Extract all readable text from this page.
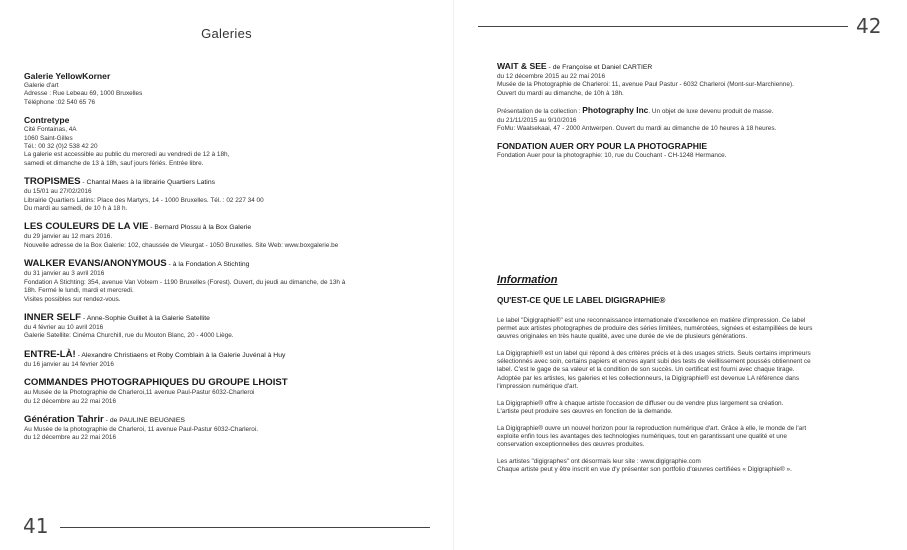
Galeries
Galerie YellowKorner
Galerie d'art
Adresse : Rue Lebeau 69, 1000 Bruxelles
Téléphone :02 540 65 76
Contretype
Cité Fontainas, 4A
1060 Saint-Gilles
Tél.: 00 32 (0)2 538 42 20
La galerie est accessible au public du mercredi au vendredi de 12 à 18h,
samedi et dimanche de 13 à 18h, sauf jours fériés. Entrée libre.
TROPISMES - Chantal Maes à la librairie Quartiers Latins
du 15/01 au 27/02/2016
Librairie Quartiers Latins: Place des Martyrs, 14 - 1000 Bruxelles. Tél. : 02 227 34 00
Du mardi au samedi, de 10 h à 18 h.
LES COULEURS DE LA VIE - Bernard Plossu à la Box Galerie
du 29 janvier au 12 mars 2016.
Nouvelle adresse de la Box Galerie: 102, chaussée de Vleurgat - 1050 Bruxelles. Site Web: www.boxgalerie.be
WALKER EVANS/ANONYMOUS - à la Fondation A Stichting
du 31 janvier au 3 avril 2016
Fondation A Stichting: 354, avenue Van Volxem - 1190 Bruxelles (Forest). Ouvert, du jeudi au dimanche, de 13h à
18h. Fermé le lundi, mardi et mercredi.
Visites possibles sur rendez-vous.
INNER SELF - Anne-Sophie Guillet à la Galerie Satellite
du 4 février au 10 avril 2016
Galerie Satellite: Cinéma Churchill, rue du Mouton Blanc, 20 - 4000 Liège.
ENTRE-LÀ! - Alexandre Christiaens et Roby Comblain à la Galerie Juvénal à Huy
du 16 janvier au 14 février 2016
COMMANDES PHOTOGRAPHIQUES DU GROUPE LHOIST
au Musée de la Photographie de Charleroi,11 avenue Paul-Pastur 6032-Charleroi
du 12 décembre au 22 mai 2016
Génération Tahrir - de PAULINE BEUGNIES
Au Musée de la photographie de Charleroi, 11 avenue Paul-Pastur 6032-Charleroi.
du 12 décembre au 22 mai 2016
41
42
WAIT & SEE - de Françoise et Daniel CARTIER
du 12 décembre 2015 au 22 mai 2016
Musée de la Photographie de Charleroi: 11, avenue Paul Pastur - 6032 Charleroi (Mont-sur-Marchienne).
Ouvert du mardi au dimanche, de 10h à 18h.
Présentation de la collection : Photography Inc. Un objet de luxe devenu produit de masse.
du 21/11/2015 au 9/10/2016
FoMu: Waalsekaai, 47 - 2000 Antwerpen. Ouvert du mardi au dimanche de 10 heures à 18 heures.
FONDATION AUER ORY POUR LA PHOTOGRAPHIE
Fondation Auer pour la photographie: 10, rue du Couchant - CH-1248 Hermance.
Information
QU'EST-CE QUE LE LABEL DIGIGRAPHIE®
Le label "Digigraphie®" est une reconnaissance internationale d'excellence en matière d'impression. Ce label
permet aux artistes photographes de produire des séries limitées, numérotées, signées et estampillées de leurs
œuvres originales en très haute qualité, avec une durée de vie de plusieurs générations.
La Digigraphie® est un label qui répond à des critères précis et à des usages stricts. Seuls certains imprimeurs
sélectionnés avec soin, certains papiers et encres ayant subi des tests de vieillissement poussés obtiennent ce
label. C'est le gage de sa valeur et la condition de son succès. Un certificat est fourni avec chaque tirage.
Adoptée par les artistes, les galeries et les collectionneurs, la Digigraphie® est devenue LA référence dans
l'impression numérique d'art.
La Digigraphie® offre à chaque artiste l'occasion de diffuser ou de vendre plus largement sa création.
L'artiste peut produire ses œuvres en fonction de la demande.
La Digigraphie® ouvre un nouvel horizon pour la reproduction numérique d'art. Grâce à elle, le monde de l'art
exploite enfin tous les avantages des technologies numériques, tout en garantissant une qualité et une
conservation exceptionnelles des œuvres produites.
Les artistes "digigraphes" ont désormais leur site : www.digigraphie.com
Chaque artiste peut y être inscrit en vue d'y présenter son portfolio d'œuvres certifiées « Digigraphie® ».
